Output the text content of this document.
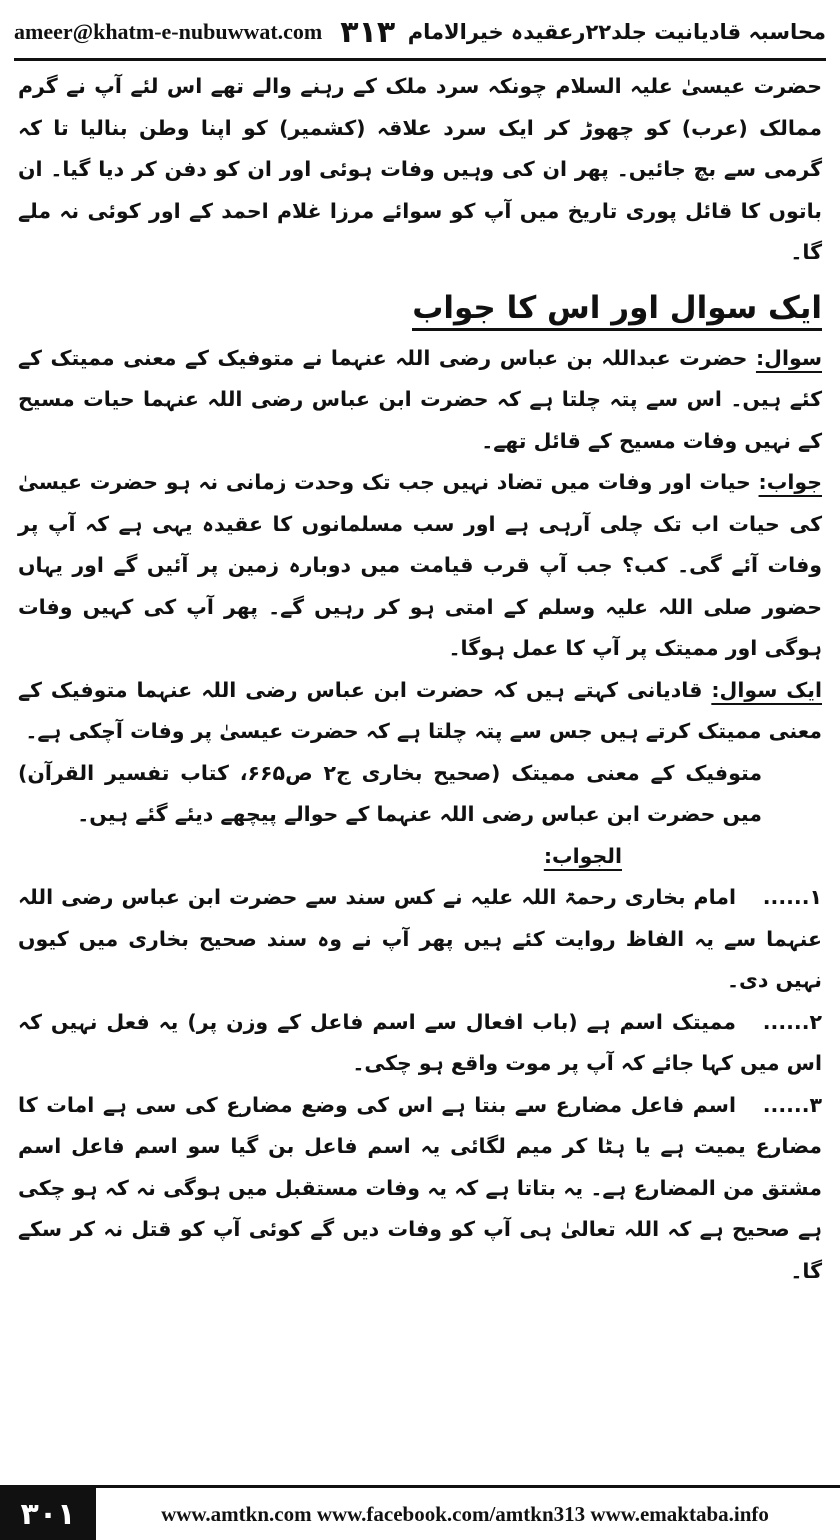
ameer@khatm-e-nubuwwat.com ۳۱۳ محاسبہ قادیانیت جلد۲۲رعقیدہ خیرالامام

حضرت عیسیٰ علیہ السلام چونکہ سرد ملک کے رہنے والے تھے اس لئے آپ نے گرم ممالک (عرب) کو چھوڑ کر ایک سرد علاقہ (کشمیر) کو اپنا وطن بنالیا تا کہ گرمی سے بچ جائیں۔ پھر ان کی وہیں وفات ہوئی اور ان کو دفن کر دیا گیا۔ ان باتوں کا قائل پوری تاریخ میں آپ کو سوائے مرزا غلام احمد کے اور کوئی نہ ملے گا۔

ایک سوال اور اس کا جواب

سوال: حضرت عبداللہ بن عباس رضی اللہ عنہما نے متوفیک کے معنی ممیتک کے کئے ہیں۔ اس سے پتہ چلتا ہے کہ حضرت ابن عباس رضی اللہ عنہما حیات مسیح کے نہیں وفات مسیح کے قائل تھے۔

جواب: حیات اور وفات میں تضاد نہیں جب تک وحدت زمانی نہ ہو حضرت عیسیٰ کی حیات اب تک چلی آرہی ہے اور سب مسلمانوں کا عقیدہ یہی ہے کہ آپ پر وفات آئے گی۔ کب؟ جب آپ قرب قیامت میں دوبارہ زمین پر آئیں گے اور یہاں حضور صلی اللہ علیہ وسلم کے امتی ہو کر رہیں گے۔ پھر آپ کی کہیں وفات ہوگی اور ممیتک پر آپ کا عمل ہوگا۔

ایک سوال: قادیانی کہتے ہیں کہ حضرت ابن عباس رضی اللہ عنہما متوفیک کے معنی ممیتک کرتے ہیں جس سے پتہ چلتا ہے کہ حضرت عیسیٰ پر وفات آچکی ہے۔

متوفیک کے معنی ممیتک (صحیح بخاری ج۲ ص۶۶۵، کتاب تفسیر القرآن) میں حضرت ابن عباس رضی اللہ عنہما کے حوالے پیچھے دیئے گئے ہیں۔

الجواب:

۱......امام بخاری رحمۃ اللہ علیہ نے کس سند سے حضرت ابن عباس رضی اللہ عنہما سے یہ الفاظ روایت کئے ہیں پھر آپ نے وہ سند صحیح بخاری میں کیوں نہیں دی۔

۲......ممیتک اسم ہے (باب افعال سے اسم فاعل کے وزن پر) یہ فعل نہیں کہ اس میں کہا جائے کہ آپ پر موت واقع ہو چکی۔

۳......اسم فاعل مضارع سے بنتا ہے اس کی وضع مضارع کی سی ہے امات کا مضارع یمیت ہے یا ہٹا کر میم لگائی یہ اسم فاعل بن گیا سو اسم فاعل اسم مشتق من المضارع ہے۔ یہ بتاتا ہے کہ یہ وفات مستقبل میں ہوگی نہ کہ ہو چکی ہے صحیح ہے کہ اللہ تعالیٰ ہی آپ کو وفات دیں گے کوئی آپ کو قتل نہ کر سکے گا۔

۳۰۱	www.amtkn.com www.facebook.com/amtkn313 www.emaktaba.info
